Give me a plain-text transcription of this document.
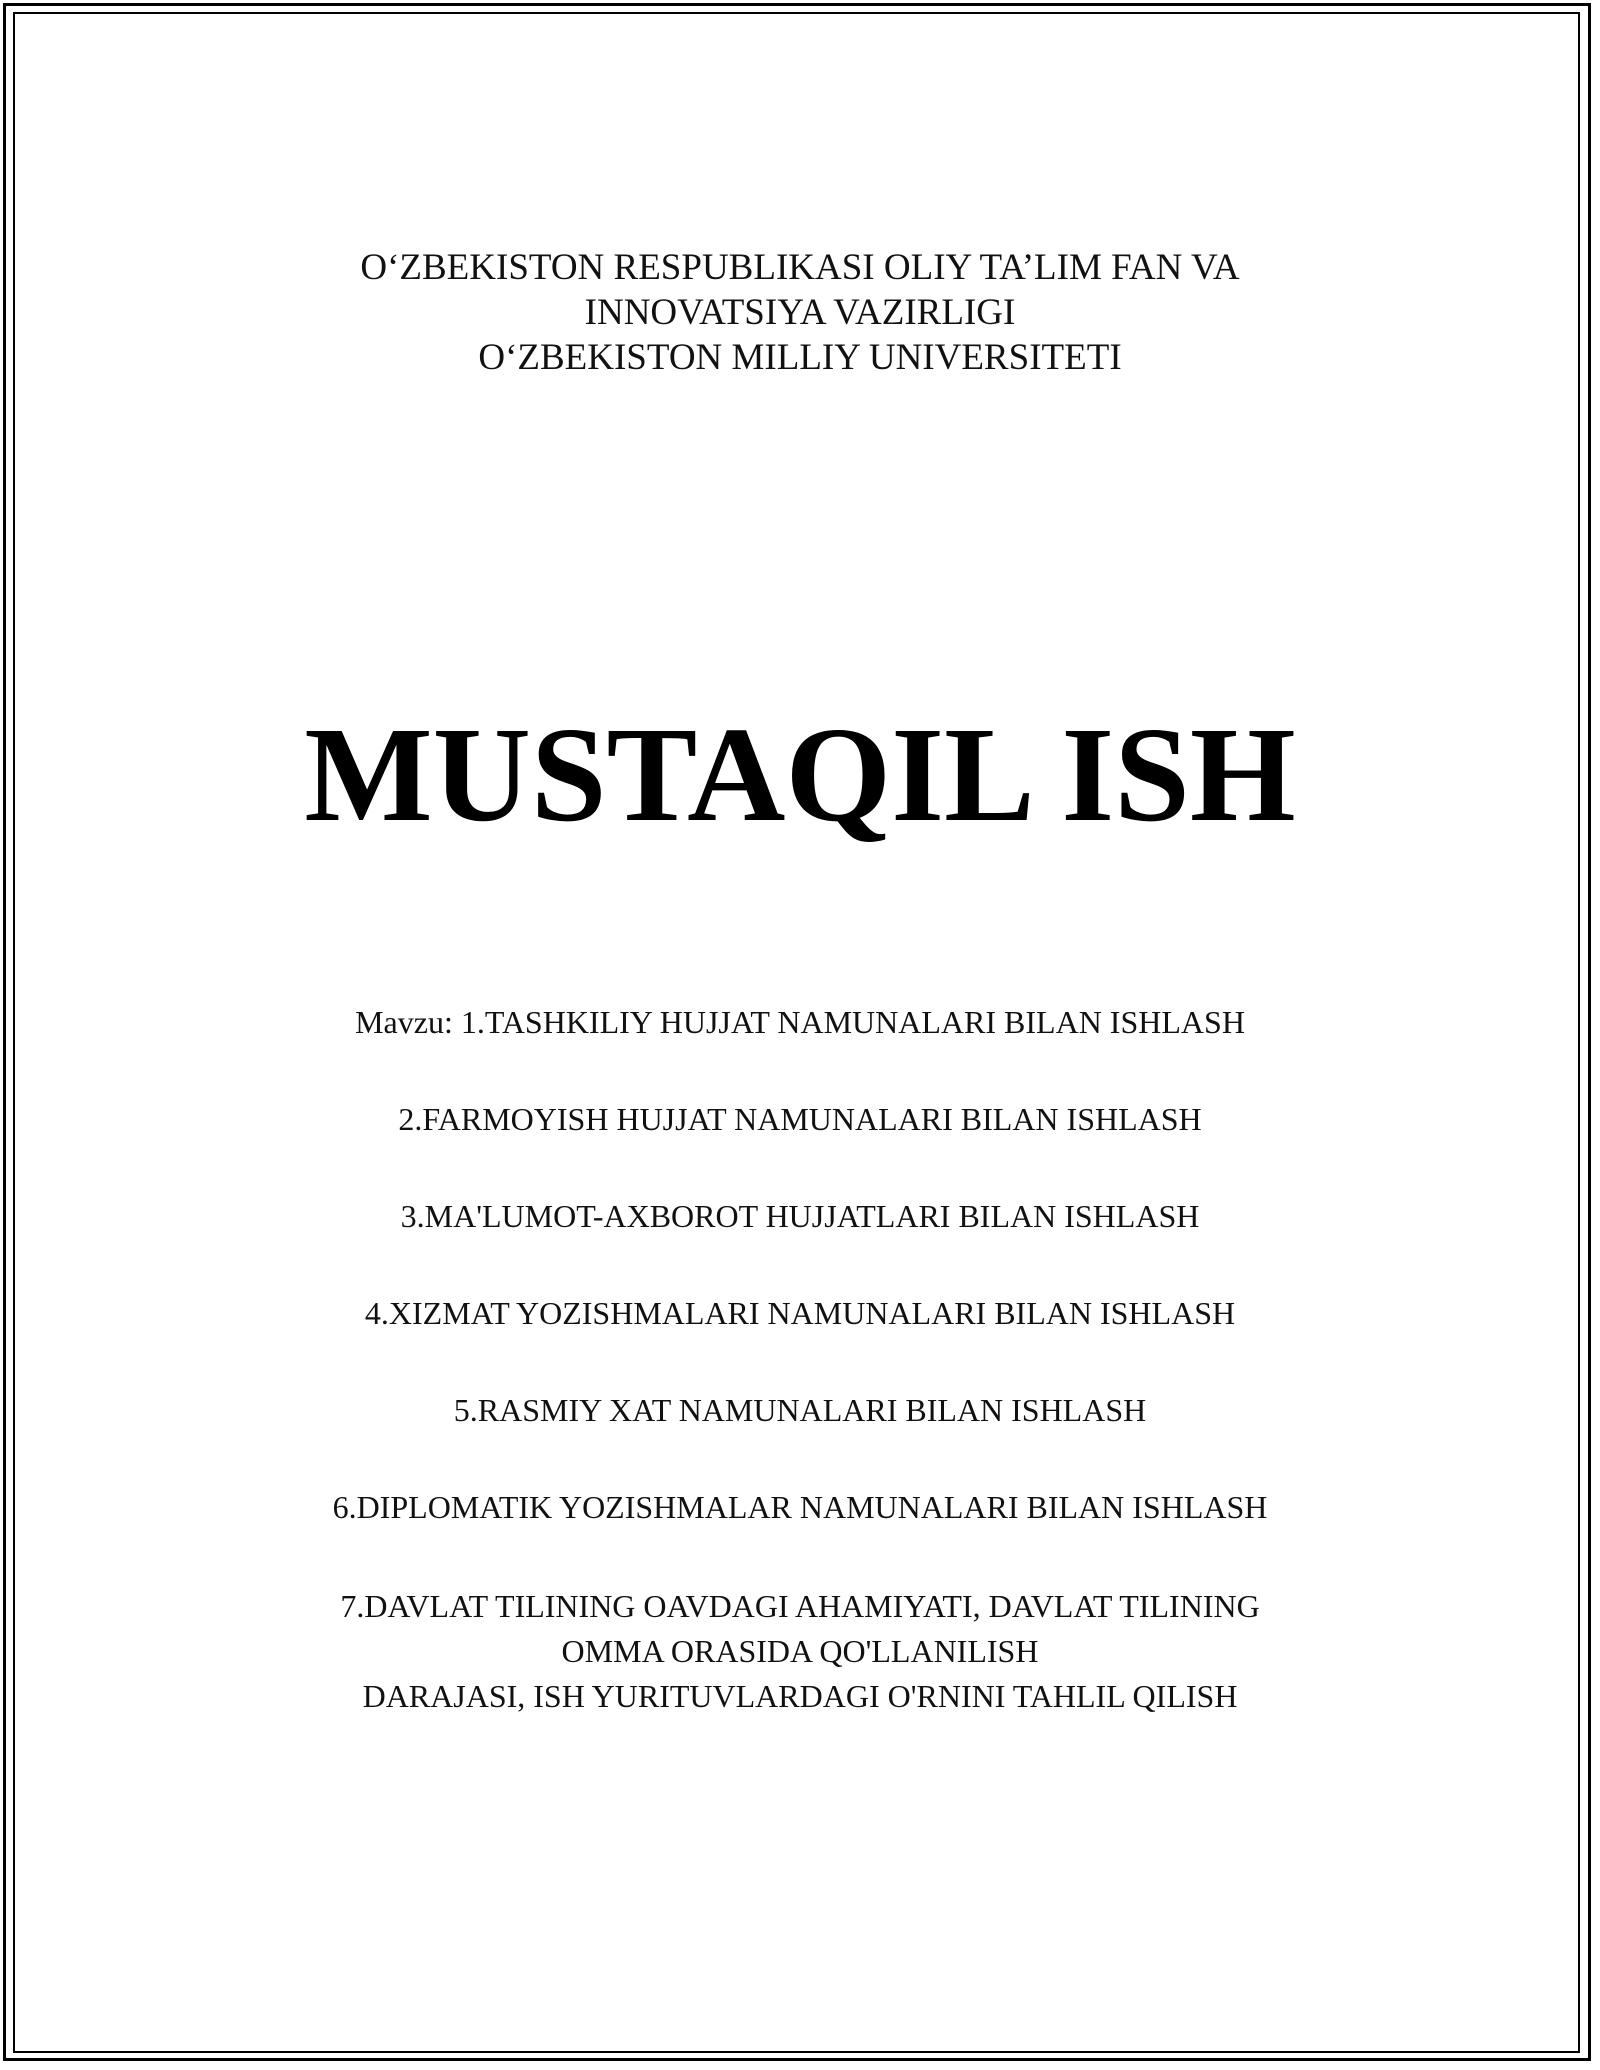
O‘ZBEKISTON RESPUBLIKASI OLIY TA’LIM FAN VA
INNOVATSIYA VAZIRLIGI
O‘ZBEKISTON MILLIY UNIVERSITETI
MUSTAQIL ISH
Mavzu: 1.TASHKILIY HUJJAT NAMUNALARI BILAN ISHLASH
2.FARMOYISH HUJJAT NAMUNALARI BILAN ISHLASH
3.MA'LUMOT-AXBOROT HUJJATLARI BILAN ISHLASH
4.XIZMAT YOZISHMALARI NAMUNALARI BILAN ISHLASH
5.RASMIY XAT NAMUNALARI BILAN ISHLASH
6.DIPLOMATIK YOZISHMALAR NAMUNALARI BILAN ISHLASH
7.DAVLAT TILINING OAVDAGI AHAMIYATI, DAVLAT TILINING
OMMA ORASIDA QO'LLANILISH
DARAJASI, ISH YURITUVLARDAGI O'RNINI TAHLIL QILISH
